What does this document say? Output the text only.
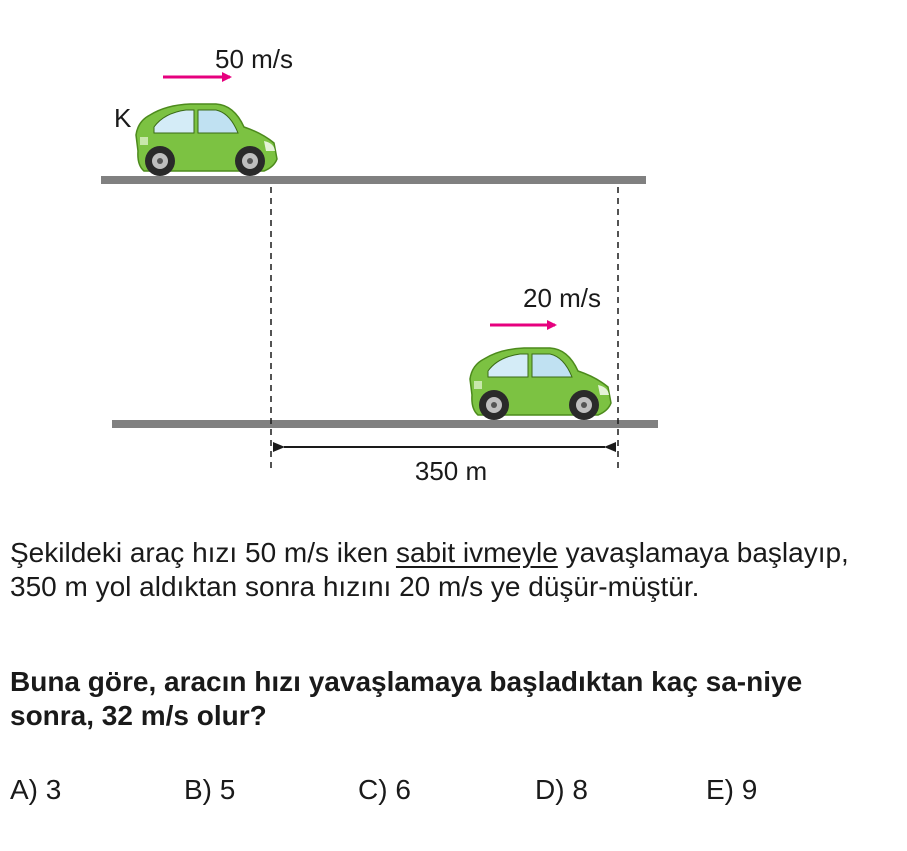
350 m
50 m/s
K
20 m/s

Şekildeki araç hızı 50 m/s iken sabit ivmeyle yavaşlamaya başlayıp, 350 m yol aldıktan sonra hızını 20 m/s ye düşür-müştür.

Buna göre, aracın hızı yavaşlamaya başladıktan kaç sa-niye sonra, 32 m/s olur?

A) 3	B) 5	C) 6	D) 8	E) 9
